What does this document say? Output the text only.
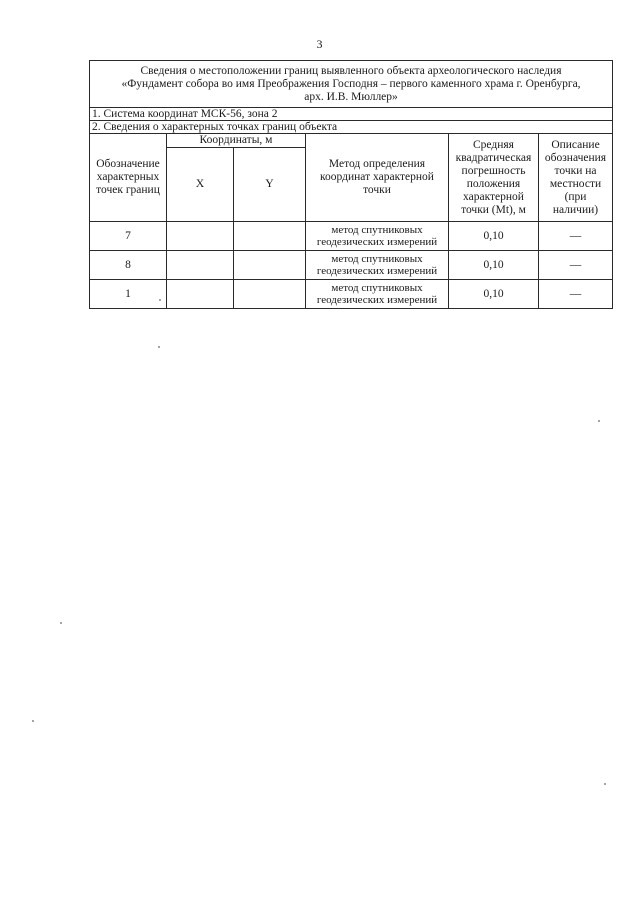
3
Сведения о местоположении границ выявленного объекта археологического наследия
«Фундамент собора во имя Преображения Господня – первого каменного храма г. Оренбурга,
арх. И.В. Мюллер»					

1. Система координат МСК-56, зона 2					
2. Сведения о характерных точках границ объекта					
Обозначение характерных точек границ	Координаты, м		Метод определения координат характерной точки	Средняя квадратическая погрешность положения характерной точки (Mt), м	Описание обозначения точки на местности (при наличии)
	X	Y			
7			метод спутниковых геодезических измерений	0,10	—
8			метод спутниковых геодезических измерений	0,10	—
1			метод спутниковых геодезических измерений	0,10	—
